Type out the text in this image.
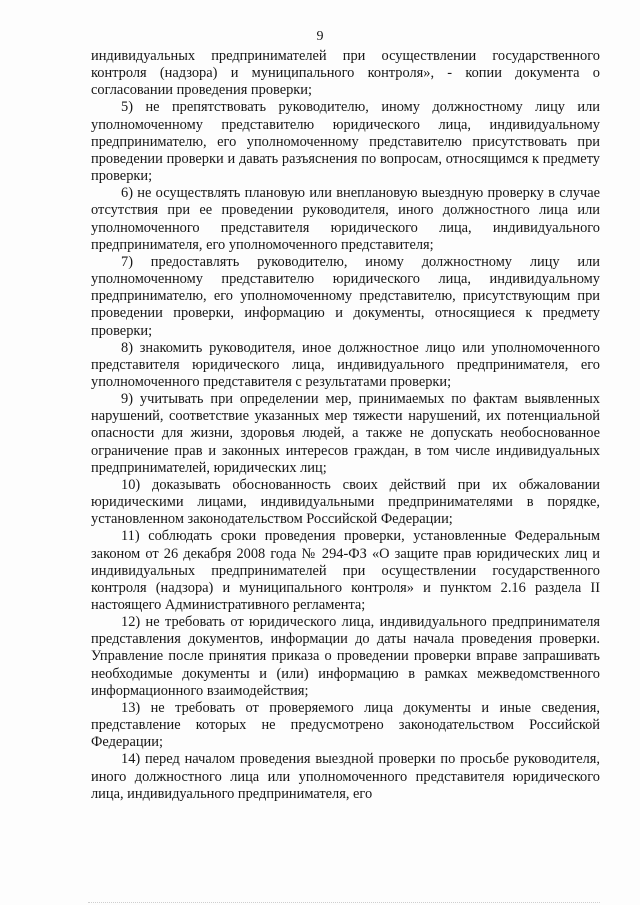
9

индивидуальных предпринимателей при осуществлении государственного контроля (надзора) и муниципального контроля», - копии документа о согласовании проведения проверки;

5) не препятствовать руководителю, иному должностному лицу или уполномоченному представителю юридического лица, индивидуальному предпринимателю, его уполномоченному представителю присутствовать при проведении проверки и давать разъяснения по вопросам, относящимся к предмету проверки;

6) не осуществлять плановую или внеплановую выездную проверку в случае отсутствия при ее проведении руководителя, иного должностного лица или уполномоченного представителя юридического лица, индивидуального предпринимателя, его уполномоченного представителя;

7) предоставлять руководителю, иному должностному лицу или уполномоченному представителю юридического лица, индивидуальному предпринимателю, его уполномоченному представителю, присутствующим при проведении проверки, информацию и документы, относящиеся к предмету проверки;

8) знакомить руководителя, иное должностное лицо или уполномоченного представителя юридического лица, индивидуального предпринимателя, его уполномоченного представителя с результатами проверки;

9) учитывать при определении мер, принимаемых по фактам выявленных нарушений, соответствие указанных мер тяжести нарушений, их потенциальной опасности для жизни, здоровья людей, а также не допускать необоснованное ограничение прав и законных интересов граждан, в том числе индивидуальных предпринимателей, юридических лиц;

10) доказывать обоснованность своих действий при их обжаловании юридическими лицами, индивидуальными предпринимателями в порядке, установленном законодательством Российской Федерации;

11) соблюдать сроки проведения проверки, установленные Федеральным законом от 26 декабря 2008 года № 294-ФЗ «О защите прав юридических лиц и индивидуальных предпринимателей при осуществлении государственного контроля (надзора) и муниципального контроля» и пунктом 2.16 раздела II настоящего Административного регламента;

12) не требовать от юридического лица, индивидуального предпринимателя представления документов, информации до даты начала проведения проверки. Управление после принятия приказа о проведении проверки вправе запрашивать необходимые документы и (или) информацию в рамках межведомственного информационного взаимодействия;

13) не требовать от проверяемого лица документы и иные сведения, представление которых не предусмотрено законодательством Российской Федерации;

14) перед началом проведения выездной проверки по просьбе руководителя, иного должностного лица или уполномоченного представителя юридического лица, индивидуального предпринимателя, его
